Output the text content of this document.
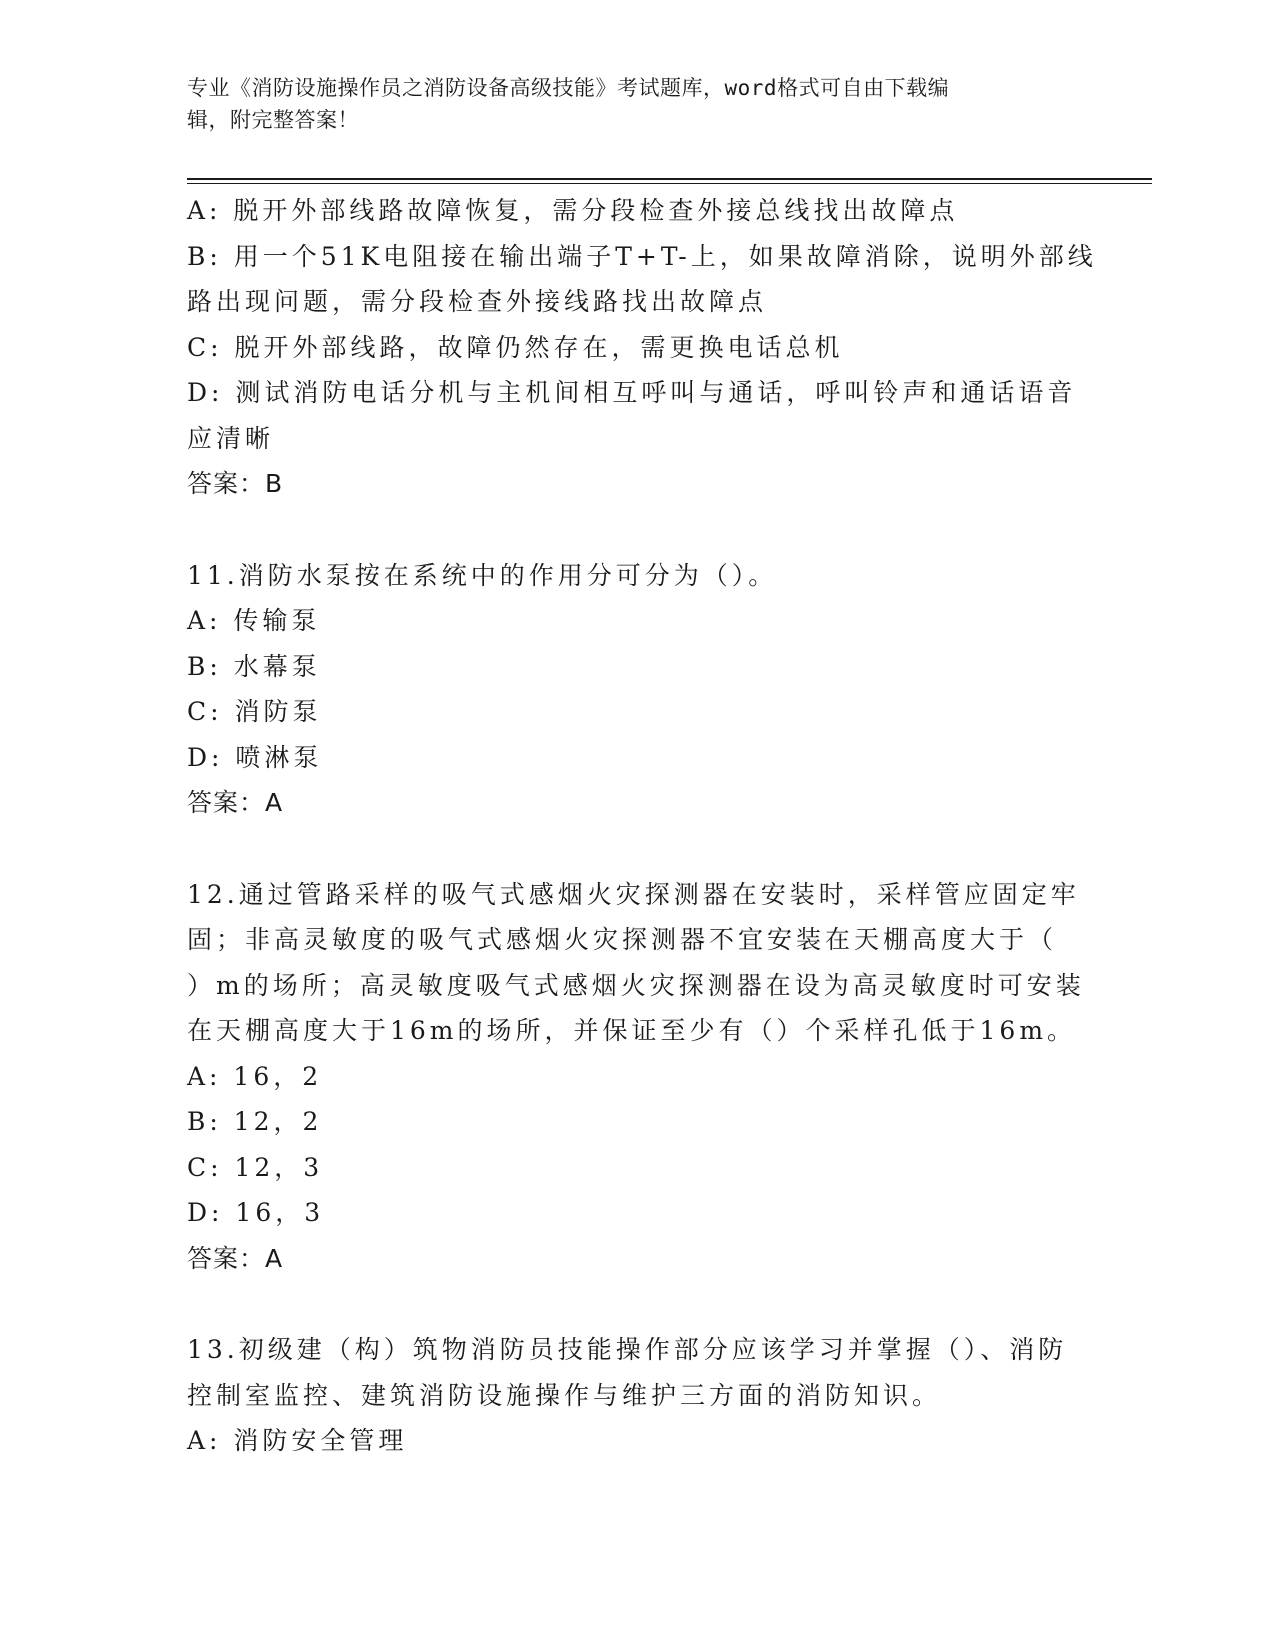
专业《消防设施操作员之消防设备高级技能》考试题库，word格式可自由下载编
辑，附完整答案！

A: 脱开外部线路故障恢复，需分段检查外接总线找出故障点

B: 用一个51K电阻接在输出端子T+T-上，如果故障消除，说明外部线

路出现问题，需分段检查外接线路找出故障点

C: 脱开外部线路，故障仍然存在，需更换电话总机

D: 测试消防电话分机与主机间相互呼叫与通话，呼叫铃声和通话语音

应清晰

答案：B

11.消防水泵按在系统中的作用分可分为（）。

A: 传输泵

B: 水幕泵

C: 消防泵

D: 喷淋泵

答案：A

12.通过管路采样的吸气式感烟火灾探测器在安装时，采样管应固定牢

固；非高灵敏度的吸气式感烟火灾探测器不宜安装在天棚高度大于（

）m的场所；高灵敏度吸气式感烟火灾探测器在设为高灵敏度时可安装

在天棚高度大于16m的场所，并保证至少有（）个采样孔低于16m。

A: 16，2

B: 12，2

C: 12，3

D: 16，3

答案：A

13.初级建（构）筑物消防员技能操作部分应该学习并掌握（）、消防

控制室监控、建筑消防设施操作与维护三方面的消防知识。

A: 消防安全管理
